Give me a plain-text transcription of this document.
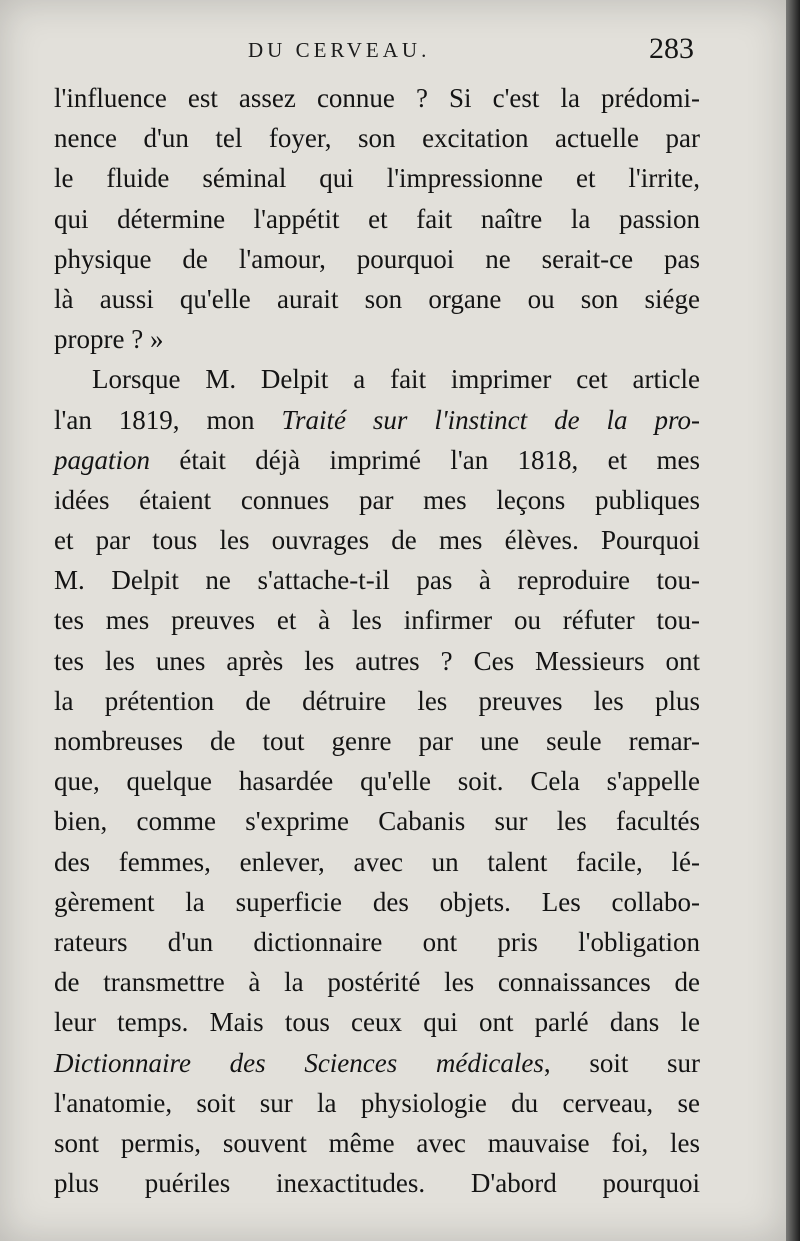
DU CERVEAU.	283
l'influence est assez connue ? Si c'est la prédomi-
nence d'un tel foyer, son excitation actuelle par
le fluide séminal qui l'impressionne et l'irrite,
qui détermine l'appétit et fait naître la passion
physique de l'amour, pourquoi ne serait-ce pas
là aussi qu'elle aurait son organe ou son siége
propre ? »
Lorsque M. Delpit a fait imprimer cet article
l'an 1819, mon Traité sur l'instinct de la pro-
pagation était déjà imprimé l'an 1818, et mes
idées étaient connues par mes leçons publiques
et par tous les ouvrages de mes élèves. Pourquoi
M. Delpit ne s'attache-t-il pas à reproduire tou-
tes mes preuves et à les infirmer ou réfuter tou-
tes les unes après les autres ? Ces Messieurs ont
la prétention de détruire les preuves les plus
nombreuses de tout genre par une seule remar-
que, quelque hasardée qu'elle soit. Cela s'appelle
bien, comme s'exprime Cabanis sur les facultés
des femmes, enlever, avec un talent facile, lé-
gèrement la superficie des objets. Les collabo-
rateurs d'un dictionnaire ont pris l'obligation
de transmettre à la postérité les connaissances de
leur temps. Mais tous ceux qui ont parlé dans le
Dictionnaire des Sciences médicales, soit sur
l'anatomie, soit sur la physiologie du cerveau, se
sont permis, souvent même avec mauvaise foi, les
plus puériles inexactitudes. D'abord pourquoi
